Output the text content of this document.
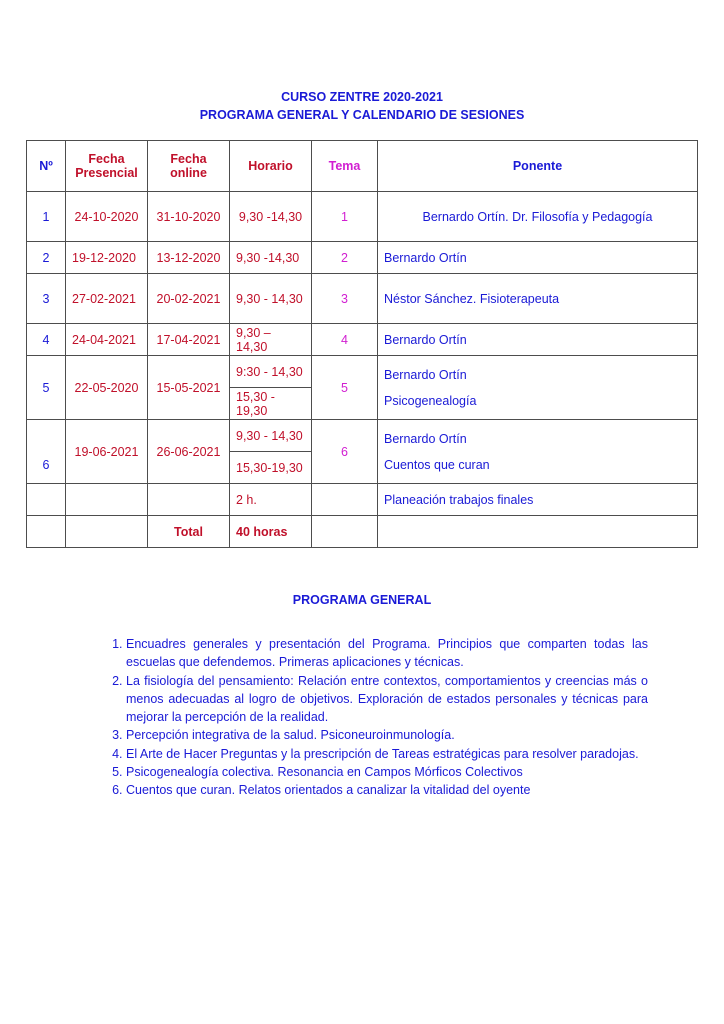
CURSO ZENTRE 2020-2021
PROGRAMA GENERAL Y CALENDARIO DE SESIONES
Nº	Fecha Presencial	Fecha online	Horario	Tema	Ponente
1	24-10-2020	31-10-2020	9,30 -14,30	1	Bernardo Ortín. Dr. Filosofía y Pedagogía
2	19-12-2020	13-12-2020	9,30 -14,30	2	Bernardo Ortín
3	27-02-2021	20-02-2021	9,30 - 14,30	3	Néstor Sánchez. Fisioterapeuta
4	24-04-2021	17-04-2021	9,30 – 14,30	4	Bernardo Ortín
5	22-05-2020	15-05-2021	9:30 - 14,30	5	Bernardo Ortín
Psicogenealogía

			15,30 - 19,30		
6	19-06-2021	26-06-2021	9,30 - 14,30	6	Bernardo Ortín
Cuentos que curan

			15,30-19,30		
			2 h.		Planeación trabajos finales
		Total	40 horas		
PROGRAMA GENERAL
1. Encuadres generales y presentación del Programa. Principios que comparten todas las escuelas que defendemos. Primeras aplicaciones y técnicas.
2. La fisiología del pensamiento: Relación entre contextos, comportamientos y creencias más o menos adecuadas al logro de objetivos. Exploración de estados personales y técnicas para mejorar la percepción de la realidad.
3. Percepción integrativa de la salud. Psiconeuroinmunología.
4. El Arte de Hacer Preguntas y la prescripción de Tareas estratégicas para resolver paradojas.
5. Psicogenealogía colectiva. Resonancia en Campos Mórficos Colectivos
6. Cuentos que curan. Relatos orientados a canalizar la vitalidad del oyente
